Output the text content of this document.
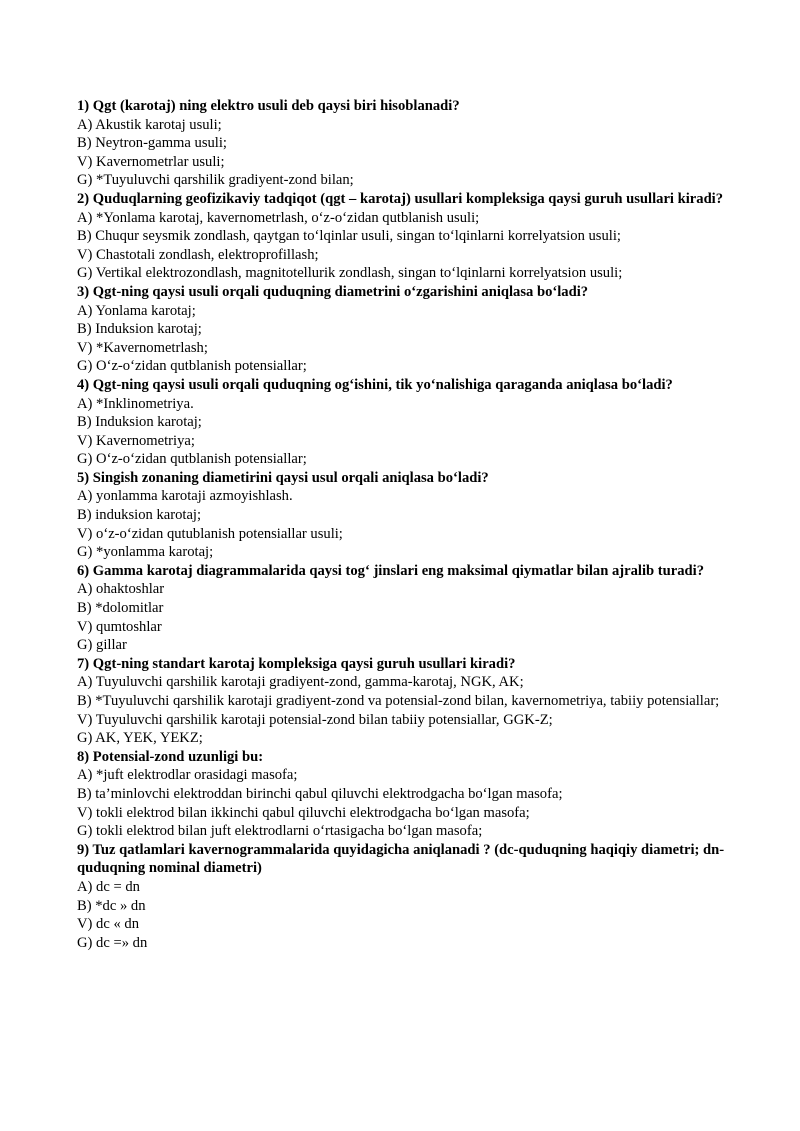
1) Qgt (karotaj) ning elektro usuli deb qaysi biri hisoblanadi?
A) Akustik karotaj usuli;
B) Neytron-gamma usuli;
V) Kavernometrlar usuli;
G) *Tuyuluvchi qarshilik gradiyent-zond bilan;
2) Quduqlarning geofizikaviy tadqiqot (qgt – karotaj) usullari kompleksiga qaysi guruh usullari kiradi?
A) *Yonlama karotaj, kavernometrlash, o‘z-o‘zidan qutblanish usuli;
B) Chuqur seysmik zondlash, qaytgan to‘lqinlar usuli, singan to‘lqinlarni korrelyatsion usuli;
V) Chastotali zondlash, elektroprofillash;
G) Vertikal elektrozondlash, magnitotellurik zondlash, singan to‘lqinlarni korrelyatsion usuli;
3) Qgt-ning qaysi usuli orqali quduqning diametrini o‘zgarishini aniqlasa bo‘ladi?
A) Yonlama karotaj;
B) Induksion karotaj;
V) *Kavernometrlash;
G) O‘z-o‘zidan qutblanish potensiallar;
4) Qgt-ning qaysi usuli orqali quduqning og‘ishini, tik yo‘nalishiga qaraganda aniqlasa bo‘ladi?
A) *Inklinometriya.
B) Induksion karotaj;
V) Kavernometriya;
G) O‘z-o‘zidan qutblanish potensiallar;
5) Singish zonaning diametirini qaysi usul orqali aniqlasa bo‘ladi?
A) yonlamma karotaji azmoyishlash.
B) induksion karotaj;
V) o‘z-o‘zidan qutublanish potensiallar usuli;
G) *yonlamma karotaj;
6) Gamma karotaj diagrammalarida qaysi tog‘ jinslari eng maksimal qiymatlar bilan ajralib turadi?
A) ohaktoshlar
B) *dolomitlar
V) qumtoshlar
G) gillar
7) Qgt-ning standart karotaj kompleksiga qaysi guruh usullari kiradi?
A) Tuyuluvchi qarshilik karotaji gradiyent-zond, gamma-karotaj, NGK, AK;
B) *Tuyuluvchi qarshilik karotaji gradiyent-zond va potensial-zond bilan, kavernometriya, tabiiy potensiallar;
V) Tuyuluvchi qarshilik karotaji potensial-zond bilan tabiiy potensiallar, GGK-Z;
G) AK, YEK, YEKZ;
8) Potensial-zond uzunligi bu:
A) *juft elektrodlar orasidagi masofa;
B) ta’minlovchi elektroddan birinchi qabul qiluvchi elektrodgacha bo‘lgan masofa;
V) tokli elektrod bilan ikkinchi qabul qiluvchi elektrodgacha bo‘lgan masofa;
G) tokli elektrod bilan juft elektrodlarni o‘rtasigacha bo‘lgan masofa;
9) Tuz qatlamlari kavernogrammalarida quyidagicha aniqlanadi ? (dc-quduqning haqiqiy diametri; dn-quduqning nominal diametri)
A) dc = dn
B) *dc » dn
V) dc « dn
G) dc =» dn
